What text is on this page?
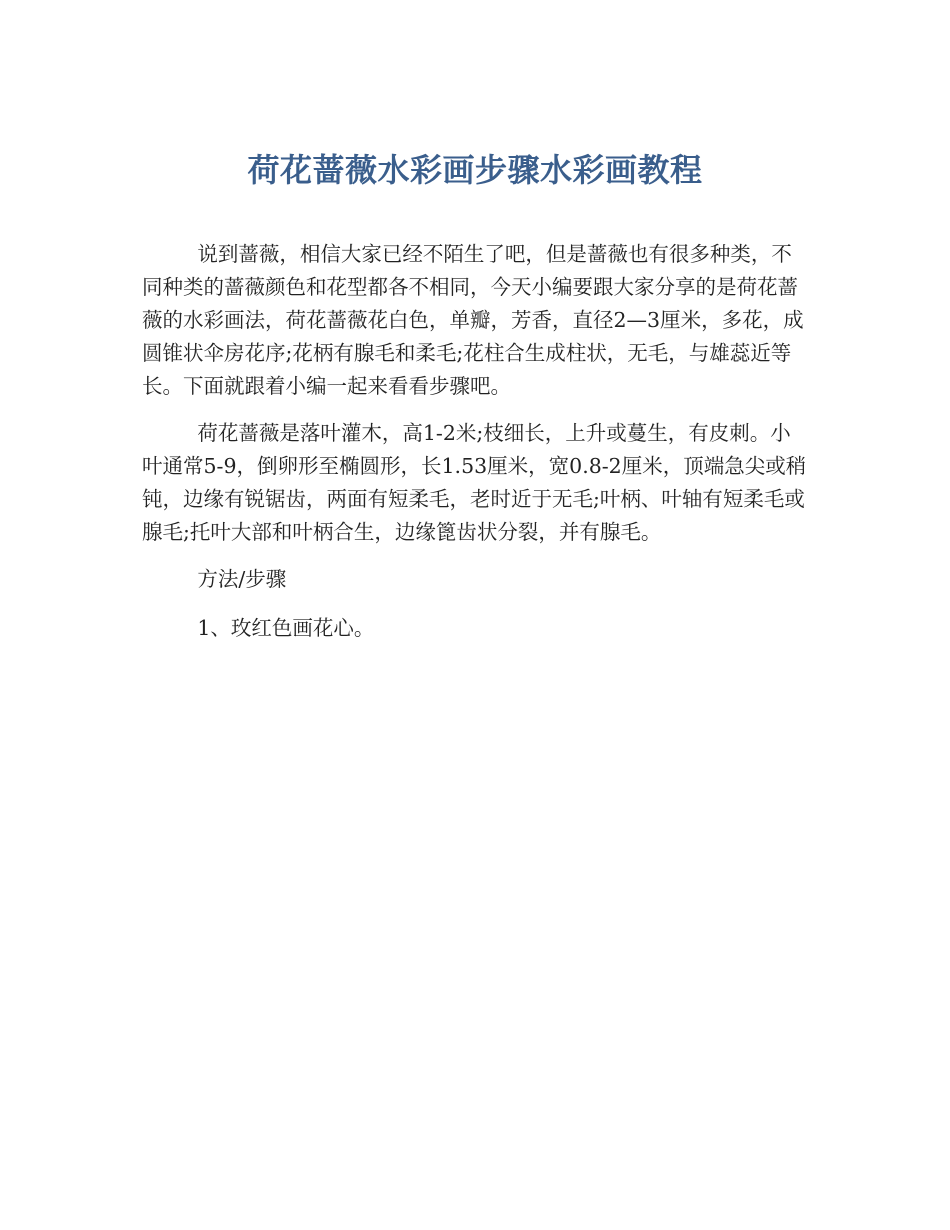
荷花蔷薇水彩画步骤水彩画教程

说到蔷薇，相信大家已经不陌生了吧，但是蔷薇也有很多种类，不同种类的蔷薇颜色和花型都各不相同，今天小编要跟大家分享的是荷花蔷薇的水彩画法，荷花蔷薇花白色，单瓣，芳香，直径2—3厘米，多花，成圆锥状伞房花序;花柄有腺毛和柔毛;花柱合生成柱状，无毛，与雄蕊近等长。下面就跟着小编一起来看看步骤吧。

荷花蔷薇是落叶灌木，高1-2米;枝细长，上升或蔓生，有皮刺。小叶通常5-9，倒卵形至椭圆形，长1.53厘米，宽0.8-2厘米，顶端急尖或稍钝，边缘有锐锯齿，两面有短柔毛，老时近于无毛;叶柄、叶轴有短柔毛或腺毛;托叶大部和叶柄合生，边缘篦齿状分裂，并有腺毛。

方法/步骤

1、玫红色画花心。
